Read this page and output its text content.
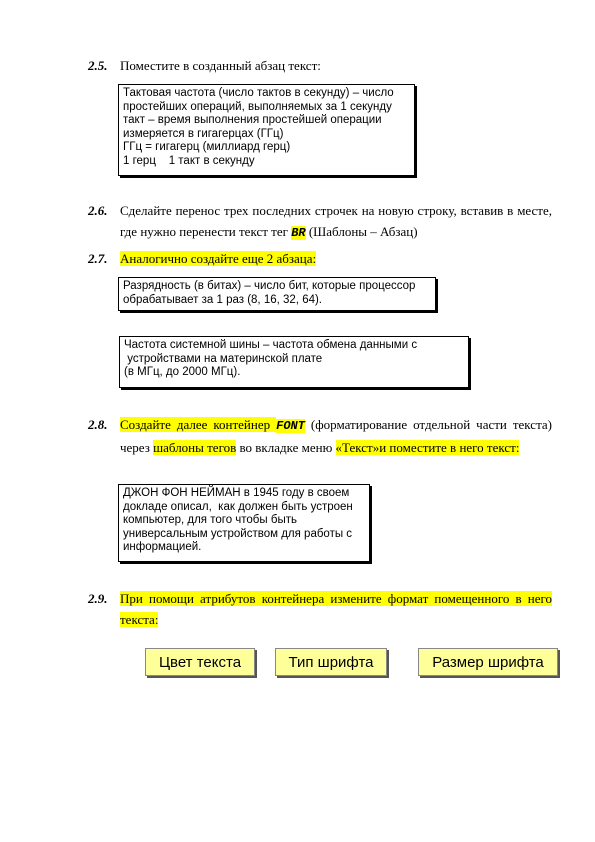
2.5. Поместите в созданный абзац текст:
Тактовая частота (число тактов в секунду) – число
простейших операций, выполняемых за 1 секунду
такт – время выполнения простейшей операции
измеряется в гигагерцах (ГГц)
ГГц = гигагерц (миллиард герц)
1 герц    1 такт в секунду
2.6. Сделайте перенос трех последних строчек на новую строку, вставив в месте, где нужно перенести текст тег BR (Шаблоны – Абзац)
2.7. Аналогично создайте еще 2 абзаца:
Разрядность (в битах) – число бит, которые процессор
обрабатывает за 1 раз (8, 16, 32, 64).
Частота системной шины – частота обмена данными с
устройствами на материнской плате
(в МГц, до 2000 МГц).
2.8. Создайте далее контейнер FONT (форматирование отдельной части текста) через шаблоны тегов во вкладке меню «Текст»и поместите в него текст:
ДЖОН ФОН НЕЙМАН в 1945 году в своем
докладе описал,  как должен быть устроен
компьютер, для того чтобы быть
универсальным устройством для работы с
информацией.
2.9. При помощи атрибутов контейнера измените формат помещенного в него текста:
Цвет текста	Тип шрифта	Размер шрифта
